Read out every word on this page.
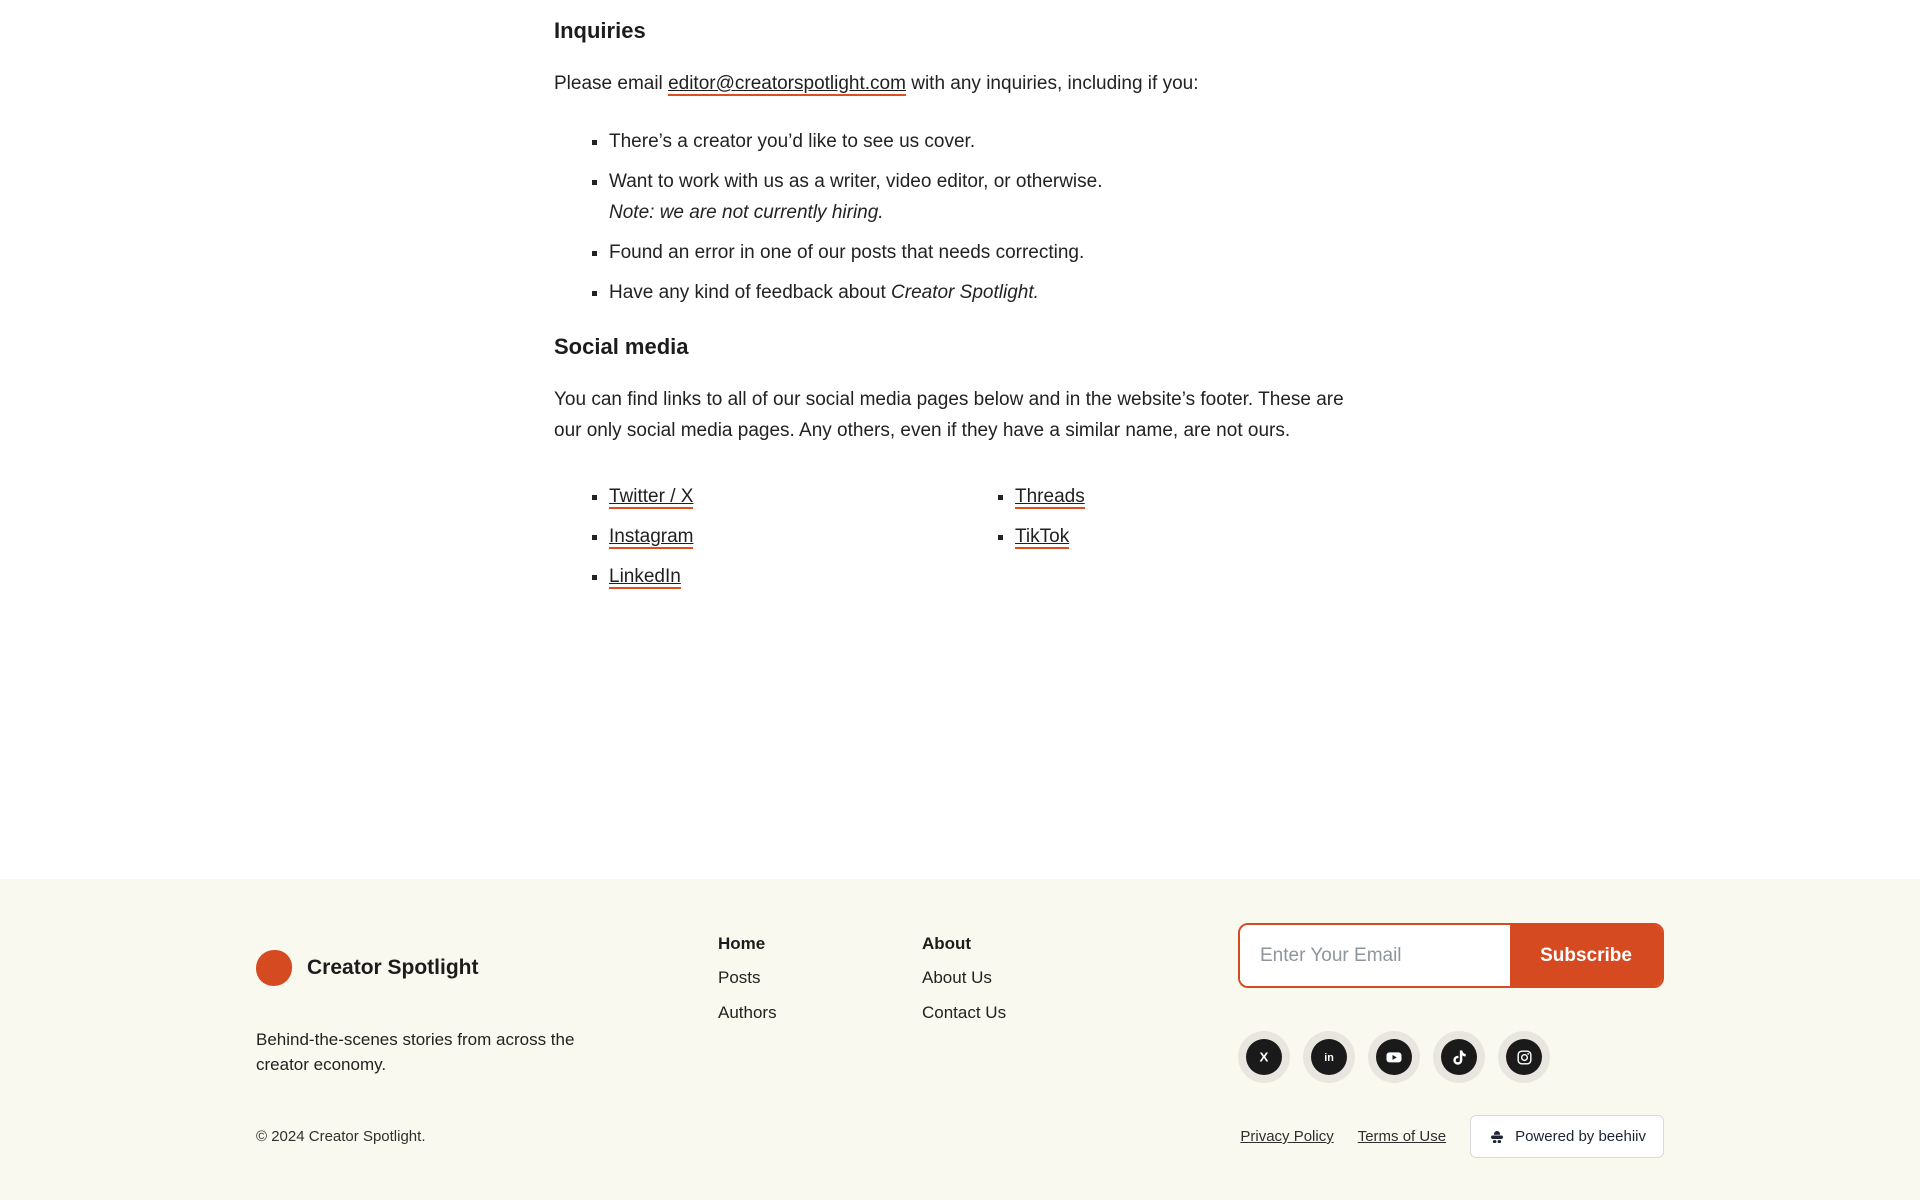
Inquiries

Please email editor@creatorspotlight.com with any inquiries, including if you:

▪ There’s a creator you’d like to see us cover.
▪ Want to work with us as a writer, video editor, or otherwise.
Note: we are not currently hiring.
▪ Found an error in one of our posts that needs correcting.
▪ Have any kind of feedback about Creator Spotlight.
Social media

You can find links to all of our social media pages below and in the website’s footer. These are our only social media pages. Any others, even if they have a similar name, are not ours.

▪ Twitter / X
▪ Instagram
▪ LinkedIn
▪ Threads
▪ TikTok
Creator Spotlight
Behind-the-scenes stories from across the creator economy.
Home
Posts
Authors
About
About Us
Contact Us
Enter Your Email
Subscribe
X	in
© 2024 Creator Spotlight.	Privacy Policy Terms of Use	Powered by beehiiv
